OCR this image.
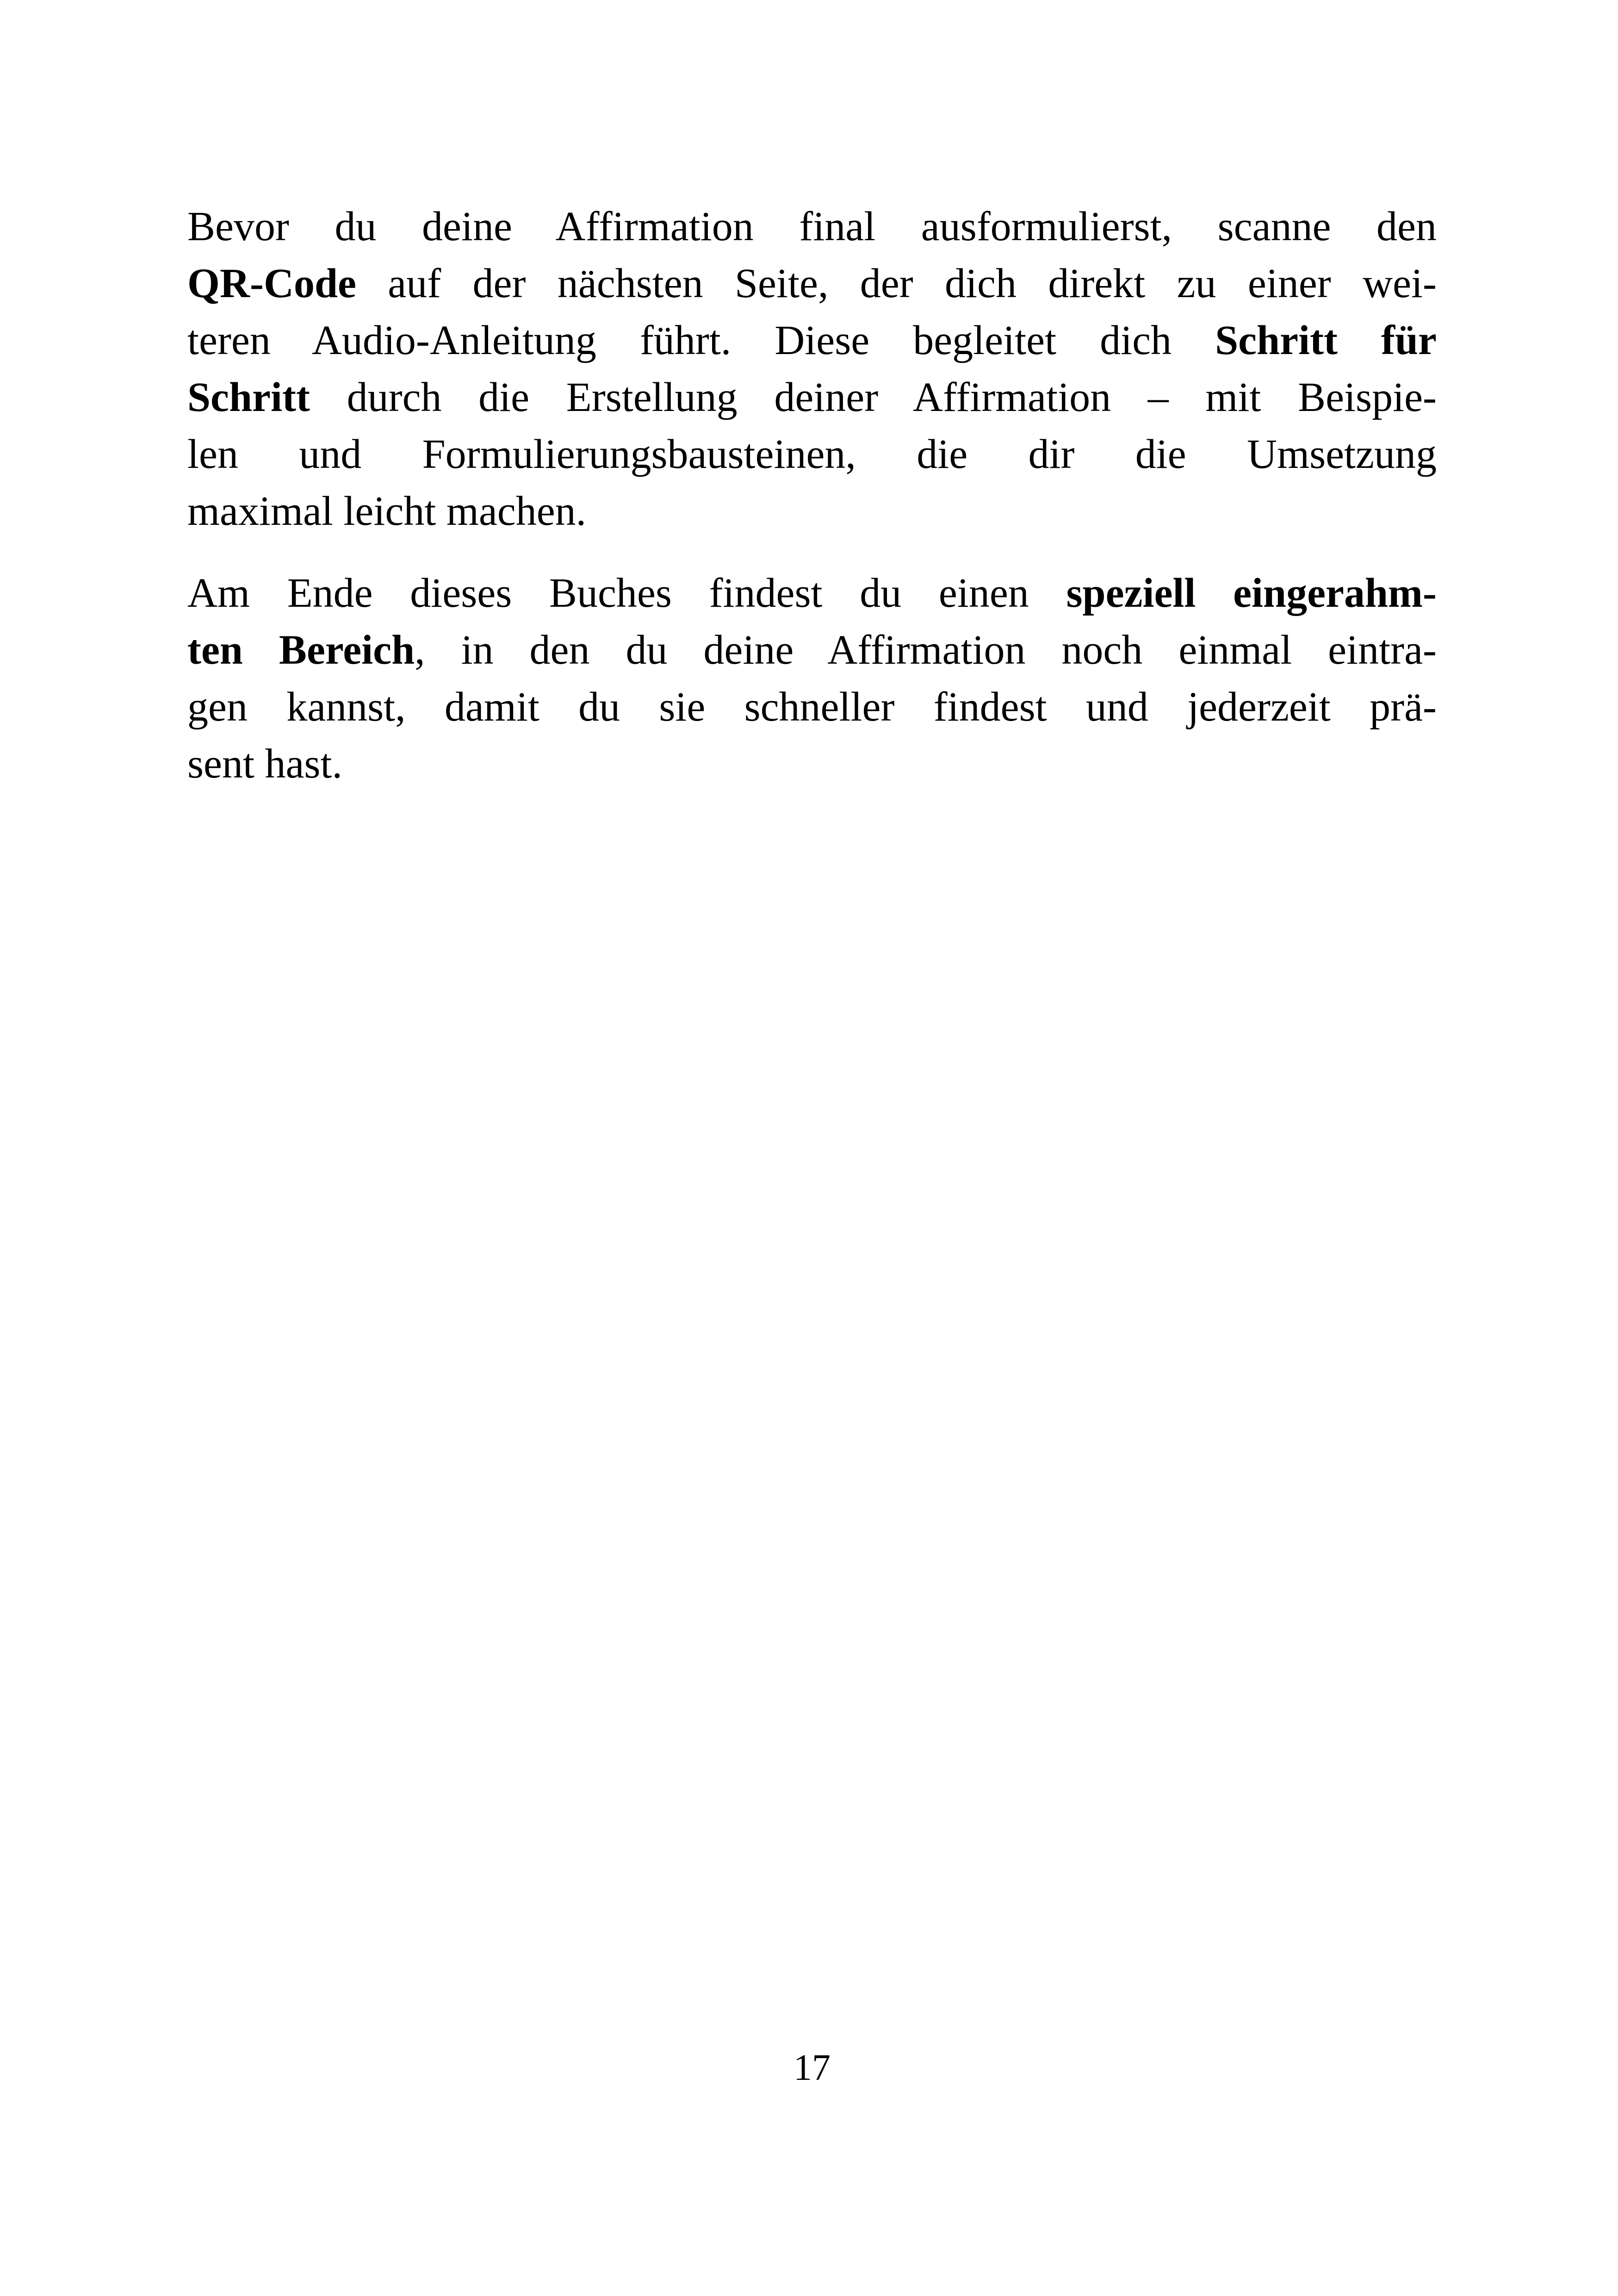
Bevor du deine Affirmation final ausformulierst, scanne den
QR-Code auf der nächsten Seite, der dich direkt zu einer wei-
teren Audio-Anleitung führt. Diese begleitet dich Schritt für
Schritt durch die Erstellung deiner Affirmation – mit Beispie-
len und Formulierungsbausteinen, die dir die Umsetzung
maximal leicht machen.
Am Ende dieses Buches findest du einen speziell eingerahm-
ten Bereich, in den du deine Affirmation noch einmal eintra-
gen kannst, damit du sie schneller findest und jederzeit prä-
sent hast.
17
